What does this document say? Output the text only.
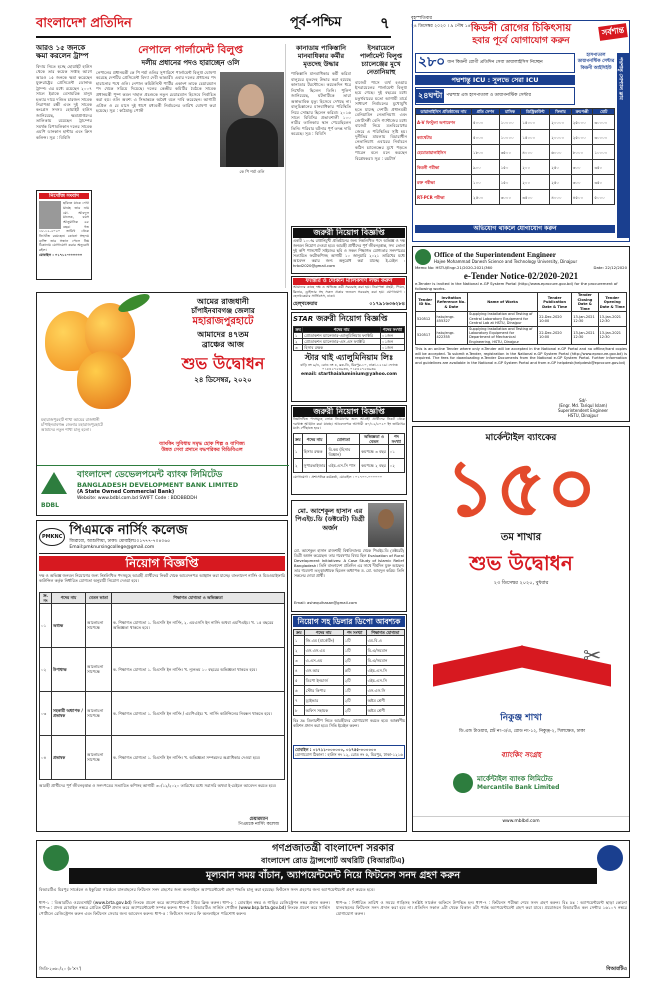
বাংলাদেশ প্রতিদিন	পূর্ব-পশ্চিম	৭	বৃহস্পতিবার
২৪ ডিসেম্বর ২০২০ । ৯ পৌষ ১৪২৭
আরও ১৫ জনকে ক্ষমা করলেন ট্রাম্প
বিদায় নিতে হচ্ছে হোয়াইট হাউস থেকে তার কয়েক সপ্তাহ আগে আরও ১৫ জনকে ক্ষমা করেছেন যুক্তরাষ্ট্রের প্রেসিডেন্ট ডোনাল্ড ট্রাম্প। এর মধ্যে রয়েছেন ২০০৭ সালে ইরাকে বেসামরিক মানুষ হত্যার দায়ে দণ্ডিত চারজন সাবেক নিরাপত্তা রক্ষী এবং দুই সাবেক কংগ্রেস সদস্য। হোয়াইট হাউস জানিয়েছে, ক্ষমাপ্রাপ্তদের তালিকায় রয়েছেন ট্রাম্পের সমর্থক রিপাবলিকান দলের সাবেক এমপি ডানকান হান্টার এবং ক্রিস কলিন্স। সূত্র : বিবিসি
নিখোঁজ সংবাদ
ছবিতে যাকে দেখা যাচ্ছে তার নাম মো. আবদুল মালেক, বয়স আনুমানিক ৬৫ বছর। গত ১৮-১২-২০২০ তারিখ থেকে নিখোঁজ রয়েছেন। কোনো সহৃদয় ব্যক্তি তার সন্ধান পেলে নিম্ন ঠিকানায় যোগাযোগ করার অনুরোধ রইল।
মোবাইল : ০১৭১২-০০০০০০
নেপালে পার্লামেন্ট বিলুপ্ত
দলীয় প্রধানের পদও হারাচ্ছেন ওলি
নেপালের প্রধানমন্ত্রী কে পি শর্মা ওলির সুপারিশে পার্লামেন্ট বিলুপ্ত ঘোষণা করেছে দেশটির প্রেসিডেন্ট বিদ্যা দেবী ভান্ডারী। এবার দলের প্রধানের পদ হারানোর পথে ওলি। নেপাল কমিউনিস্ট পার্টির একাংশ তাকে চেয়ারম্যান পদ থেকে সরিয়ে দিয়েছে। দলের কেন্দ্রীয় কমিটির বৈঠকে সাবেক প্রধানমন্ত্রী পুষ্প কমল দাহাল প্রচণ্ডকে নতুন চেয়ারম্যান হিসেবে নির্বাচিত করা হয়। ওলি অবশ্য এ সিদ্ধান্তকে অবৈধ বলে দাবি করেছেন। আগামী এপ্রিল ও মে মাসে দুই ধাপে মধ্যবর্তী নির্বাচনের তারিখ ঘোষণা করা হয়েছে। সূত্র : কাঠমান্ডু পোস্ট
কে পি শর্মা ওলি
কানাডায় পাকিস্তানি মানবাধিকার কর্মীর মৃতদেহ উদ্ধার
পাকিস্তানি মানবাধিকার কর্মী করিমা বালুচের মৃতদেহ উদ্ধার করা হয়েছে কানাডার টরন্টোতে। কয়েকদিন ধরে নিখোঁজ ছিলেন তিনি। পুলিশ জানিয়েছে, ঘটনাটিকে তারা অস্বাভাবিক মৃত্যু হিসেবে দেখছে না। বালুচিস্তানের মানবাধিকার পরিস্থিতি নিয়ে সোচ্চার ছিলেন করিমা। ২০১৬ সালে বিবিসির প্রভাবশালী ১০০ নারীর তালিকায় স্থান পেয়েছিলেন তিনি। পরিবার ঘটনার পূর্ণ তদন্ত দাবি করেছে। সূত্র : বিবিসি
ইসরায়েলে পার্লামেন্ট বিলুপ্ত চ্যালেঞ্জের মুখে নেতানিয়াহু
বাজেট পাসে ব্যর্থ হওয়ায় ইসরায়েলের পার্লামেন্ট বিলুপ্ত হয়ে গেছে। দুই বছরের মধ্যে চতুর্থবারের মতো আগামী মার্চে সাধারণ নির্বাচনের মুখোমুখি হতে যাচ্ছে দেশটি। প্রধানমন্ত্রী বেনিয়ামিন নেতানিয়াহু এবং জোটসঙ্গী বেনি গ্যান্টজের মধ্যে বাজেট নিয়ে মতবিরোধের জেরে এ পরিস্থিতির সৃষ্টি হয়। দুর্নীতির মামলায় বিচারাধীন নেতানিয়াহু এবারের নির্বাচনে কঠিন চ্যালেঞ্জের মুখে পড়তে পারেন বলে মনে করছেন বিশ্লেষকরা। সূত্র : রয়টার্স
জরুরী নিয়োগ বিজ্ঞপ্তি
একটি ১০০% রপ্তানিমুখী প্রতিষ্ঠানের জন্য নিম্নলিখিত পদে অভিজ্ঞ ও দক্ষ জনবল নিয়োগ দেওয়া হবে। আগ্রহী প্রার্থীদের পূর্ণ জীবনবৃত্তান্ত, সদ্য তোলা দুই কপি পাসপোর্ট সাইজের ছবি ও সকল শিক্ষাগত যোগ্যতার সনদপত্রের সত্যায়িত ফটোকপিসহ আগামী ১০ জানুয়ারি ২০২১ তারিখের মধ্যে আবেদন করার জন্য অনুরোধ করা যাচ্ছে। ই-মেইল : hrbd2020@gmail.com
ফ্যাক্টরি ও দোকান মালিকগণ লক্ষ্য করুন
আমাদের কাছে দক্ষ ও অভিজ্ঞ কর্মী সরবরাহ করা হয়। নিরাপত্তা প্রহরী, পিয়ন, ক্লিনার, ড্রাইভার সহ সকল প্রকার জনবল সরবরাহ করা হয়। যোগাযোগ : হেলথকেয়ার সার্ভিসেস, ঢাকা।
হেল্থকেয়ার	০১৭৯১৬৩৬২৮৪
STAR জরুরী নিয়োগ বিজ্ঞপ্তি
ক্রম	পদের নাম	পদের সংখ্যা
১	প্রোডাকশন ম্যানেজার-এ্যালুমিনিয়াম ফ্যাক্টরি	০১জন
২	প্রোডাকশন ম্যানেজার-এস.এস ফ্যাক্টরি	০১জন
৩	হিসাব রক্ষক	০১জন
স্টার থাই এ্যালুমিনিয়াম লিঃ
বাড়ি নং ৯/এ, রোড নং ৪, ব্লক-ডি, মিরপুর-১০, ঢাকা-১২১৬। ফোনঃ ০১৮৪২৭২৩৯৩৩, ০১৮৪২৭২৩৯৩৬
email: starthaialuminium@yahoo.com
জরুরী নিয়োগ বিজ্ঞপ্তি
নিম্নলিখিত পদসমূহে লোক নিয়োগের জন্য আগ্রহী প্রার্থীদের নিকট থেকে দরখাস্ত আহ্বান করা যাচ্ছে। আবেদনপত্র আগামী ৩০/১২/২০২০ ইং তারিখের মধ্যে পৌঁছাতে হবে।
ক্রম	পদের নাম	যোগ্যতা	অভিজ্ঞতা ও বেতন	পদ সংখ্যা
১	হিসাব রক্ষক	বি.কম (হিসাব বিজ্ঞান)	কমপক্ষে ৩ বছর	০১
২	সুপারভাইজার	এইচ.এস.সি পাস	কমপক্ষে ২ বছর	০২
যোগাযোগ : প্রশাসনিক কর্মকর্তা, মোবাইল : ০১৭০০-০০০০০০
কিডনী রোগের চিকিৎসায়
হবার পূর্বে যোগাযোগ করুন
সর্বশান্ত
২৮০ জন কিডনী রোগী প্রতিদিন সেবা ডায়ালাইসিস নিচ্ছেন
পদ্মশান্তু ICU : সুলভে সেরা ICU
২৪ঘণ্টা পদ্মশাস্ত্ৰ এন্ড হাসপাতাল ও ডায়াগনস্টিক সেন্টার
হাসপাতাল ডায়াগনস্টিক সেন্টার কিডনী আইসিইউ	পদ্মশান্তু সোশ্যাল ক্লাব
ডায়ালাইসিস প্রতিষ্ঠানের নাম	প্রতি সেশন	মাসিক	ডিস্ট্রিকাউন্ট	ফিলার	ক্রমপঞ্জী	মোট
A-V ফিস্টুলা অপারেশন	৫০০০	১০০০০	১৫০০০	২০০০০	২৫০০০	৩০০০০
ক্যাথেটার	৫০০০	১০০০০	১৫০০০	২০০০০	২৫০০০	৩০০০০
হেমোডায়ালাইসিস	১৮০০	৩৫০০	৪০০০	৬০০০	৮০০০	১০০০০
কিডনী পরীক্ষা	৯০০	১৫০	২০০	২৫০	৩০০	৩৫০
রক্ত পরীক্ষা	১০০	১৫০	২০০	২৫০	৩০০	৩৫০
RT-PCR পরীক্ষা	২৫০০	৩০০০	৩৫০০	৪০০০	৪৫০০	৫০০০
অভিযোগ থাকলে যোগাযোগ করুন
Office of the Superintendent Engineer
Hajee Mohammad Danesh Science and Technology University, Dinajpur
Memo No: HSTU/Engr-21/2020-2021/360	Date: 22/12/2020
e-Tender Notice-02/2020-2021
e-Tender is invited in the National e-GP System Portal (http://www.eprocure.gov.bd) for the procurement of following works.
Tender ID No.	Invitation Reference No. & Date	Name of Works	Tender Publication Date & Time	Tender Closing Date & Time	Tender Opening Date & Time
520512	hstu/engr-455327	Supplying Installation and Testing of Central Laboratory Equipment for Central Lab at HSTU, Dinajpur	22-Dec-2020 10:00	13-Jan-2021 12:30	13-Jan-2021 12:30
520517	hstu/engr-422355	Supplying Installation and Testing of Laboratory Equipment for Department of Mechanical Engineering, HSTU, Dinajpur	22-Dec-2020 10:00	13-Jan-2021 12:30	13-Jan-2021 12:30
This is an online Tender where only e-Tender will be accepted in the National e-GP Portal and no offline/hard copies will be accepted. To submit e-Tender, registration in the National e-GP System Portal (http://www.eprocure.gov.bd) is required. The fees for downloading e-Tender Documents from the National e-GP System Portal. Further information and guidelines are available in the National e-GP System Portal and from e-GP helpdesk(helpdesk@eprocure.gov.bd)
Sd/-
(Engr. Md. Tariqul Islam)
Superintendent Engineer
HSTU, Dinajpur
আমের রাজধানী
চাঁপাইনবাবগঞ্জ জেলার
মহারাজপুরহাটে
আমাদের ৪৭তম
ব্রাঞ্চের আজ
শুভ উদ্বোধন
২৪ ডিসেম্বর, ২০২০
মহারাজপুরহাট শাখা আমের রাজধানী চাঁপাইনবাবগঞ্জ জেলার মহারাজপুরহাটে আমাদের নতুন শাখা চালু হলো।
ব্যাংকিং সুবিধায় সমৃদ্ধ হোক শিল্প ও বাণিজ্য
উন্নত সেবা প্রদানে বদ্ধপরিকর বিডিবিএল
BDBL
বাংলাদেশ ডেভেলপমেন্ট ব্যাংক লিমিটেড
BANGLADESH DEVELOPMENT BANK LIMITED
(A State Owned Commercial Bank)
Website: www.bdbl.com.bd SWIFT Code : BDDBBDDH
PMKNC পিএমকে নার্সিং কলেজ
জিরাবো, আশুলিয়া, ঢাকা। মোবাইলঃ০১৭৭৭-৭০৪০৬৫
Email:pmknursingcollege@gmail.com
নিয়োগ বিজ্ঞপ্তি
দক্ষ ও অভিজ্ঞ জনবল নিয়োগের জন্য নিম্নলিখিত পদসমূহে আগ্রহী প্রার্থীদের নিকট থেকে আবেদনপত্র আহ্বান করা যাচ্ছে। বাংলাদেশ নার্সিং ও মিডওয়াইফারি কাউন্সিল কর্তৃক নির্ধারিত যোগ্যতা অনুযায়ী নিয়োগ দেওয়া হবে।
ক্র. নং	পদের নাম	বেতন ভাতা	শিক্ষাগত যোগ্যতা ও অভিজ্ঞতা
০১	অধ্যক্ষ	আলোচনা সাপেক্ষে	ক. শিক্ষাগত যোগ্যতা ১. বিএসসি ইন নার্সিং, ২. এমএসসি ইন নার্সিং অথবা এমপিএইচ। খ. ১৫ বছরের অভিজ্ঞতা থাকতে হবে।
০২	উপাধ্যক্ষ	আলোচনা সাপেক্ষে	ক. শিক্ষাগত যোগ্যতা ১. বিএসসি ইন নার্সিং। খ. ন্যূনতম ১০ বছরের অভিজ্ঞতা থাকতে হবে।
০৩	সহকারী অধ্যাপক / প্রভাষক	আলোচনা সাপেক্ষে	ক. শিক্ষাগত যোগ্যতা ১. বিএসসি ইন নার্সিং / এমপিএইচ। খ. নার্সিং কাউন্সিলের নিবন্ধন থাকতে হবে।
০৪	প্রভাষক	আলোচনা সাপেক্ষে	ক. শিক্ষাগত যোগ্যতা ১. বিএসসি ইন নার্সিং। খ. অভিজ্ঞতা সম্পন্নদের অগ্রাধিকার দেওয়া হবে।
আগ্রহী প্রার্থীদের পূর্ণ জীবনবৃত্তান্ত ও সনদপত্রের সত্যায়িত কপিসহ আগামী ৩০/১২/২০২০ তারিখের মধ্যে সরাসরি অথবা ই-মেইলে আবেদন করতে হবে।
চেয়ারম্যান
পিএমকে নার্সিং কলেজ
মো. আশেকুল হাসান এর পিএইচ.ডি (ডক্টরেট) ডিগ্রী অর্জন
মো. আশেকুল হাসান রাজশাহী বিশ্ববিদ্যালয় থেকে পিএইচ.ডি (ডক্টরেট) ডিগ্রী অর্জন করেছেন। তার গবেষণার বিষয় ছিল Evaluation of Rural Development Initiatives: A Case Study of Islamic Relief Bangladesh। তিনি বাংলাদেশ প্রতিদিন এর সাথে দীর্ঘদিন যুক্ত আছেন। তার গবেষণা তত্ত্বাবধায়ক ছিলেন অধ্যাপক ড. মো. আবদুল করিম। তিনি সকলের দোয়া প্রার্থী।
Email: ashequlhasan@gmail.com
নিয়োগ সহ ডিলার ডিপো আবশ্যক
ক্রম	পদের নাম	পদ সংখ্যা	শিক্ষাগত যোগ্যতা
১	জি.এম (মার্কেটিং)	১টি	এম.বি.এ
২	এস.এস.এম	১টি	বি.এ/সমমান
৩	এ.এস.এম	২টি	বি.এ/সমমান
৪	এস.আর	৫টি	এইচ.এস.সি
৫	ডিপো ইনচার্জ	২টি	এইচ.এস.সি
৬	স্টোর কিপার	১টি	এস.এস.সি
৭	ড্রাইভার	২টি	অষ্টম শ্রেণী
৮	অফিস সহায়ক	২টি	অষ্টম শ্রেণী
বিঃ দ্রঃ ডিলারশীপ নিতে আগ্রহীদের যোগাযোগ করতে হবে। আকর্ষণীয় কমিশন প্রদান করা হবে। সিভি ইমেইল করুন।
মোবাইল : ০১৭১১-০০০০০০, ০১৭৫৫-০০০০০০
যোগাযোগ ঠিকানা : হাউস নং ১২, রোড নং ৫, মিরপুর, ঢাকা-১২১৬
মার্কেন্টাইল ব্যাংকের
১৫০
তম শাখার
শুভ উদ্বোধন
২৩ ডিসেম্বর ২০২০, বুধবার
✂
নিকুঞ্জ শাখা
ডি.এন্ড টাওয়ার, প্লট নং-৩/এ, রোড নং-১২, নিকুঞ্জ-২, খিলক্ষেত, ঢাকা
ব্যাংকিং সংগ্রহ
মার্কেন্টাইল ব্যাংক লিমিটেড
Mercantile Bank Limited
www.mblbd.com
গণপ্রজাতন্ত্রী বাংলাদেশ সরকার
বাংলাদেশ রোড ট্রান্সপোর্ট অথরিটি (বিআরটিএ)
মূল্যবান সময় বাঁচান, অ্যাপয়েন্টমেন্ট নিয়ে ফিটনেস সনদ গ্রহণ করুন
বিআরটিএ মিরপুর সার্কেলে ও ইকুরিয়া সার্কেলে যানবাহনের ফিটনেস সনদ গ্রহণের জন্য অনলাইনে অ্যাপয়েন্টমেন্ট গ্রহণ পদ্ধতি চালু করা হয়েছে। ফিটনেস সনদ গ্রহণের জন্য অ্যাপয়েন্টমেন্ট গ্রহণ করতে হবে।
ধাপ-১ : বিআরটিএ ওয়েবসাইট (www.brta.gov.bd) লিংকে প্রবেশ করে অ্যাপয়েন্টমেন্ট ট্যাবে ক্লিক করুন। ধাপ-২ : মোবাইল নম্বর ও গাড়ির রেজিস্ট্রেশন নম্বর প্রদান করুন। ধাপ-৩ : প্রদত্ত মোবাইল নম্বরে প্রেরিত OTP প্রদান করে অ্যাপয়েন্টমেন্ট সম্পন্ন করুন। ধাপ-৪ : বিআরটিএ সার্ভিস পোর্টাল (www.bsp.brta.gov.bd) লিংকে প্রবেশ করে সার্ভিস পোর্টালে রেজিস্ট্রেশন করুন এবং ফিটনেস সেবার জন্য আবেদন করুন। ধাপ-৫ : ফিটনেস সনদের ফি অনলাইনে পরিশোধ করুন।
ধাপ-৬ : নির্ধারিত তারিখ ও সময়ে গাড়িসহ সংশ্লিষ্ট সার্কেল অফিসে উপস্থিত হন। ধাপ-৭ : ফিটনেস পরীক্ষা শেষে সনদ গ্রহণ করুন। বিঃ দ্রঃ : অ্যাপয়েন্টমেন্ট ছাড়া কোনো যানবাহনের ফিটনেস সনদ প্রদান করা হবে না। প্রতিদিন সকাল ৯টা থেকে বিকাল ৫টা পর্যন্ত অ্যাপয়েন্টমেন্ট গ্রহণ করা যাবে। প্রয়োজনে বিআরটিএ কল সেন্টার ১৬১০৭ নম্বরে যোগাযোগ করুন।
জিডি-২৩৬০/২০ (৮'×৭')	বিআরটিএ
